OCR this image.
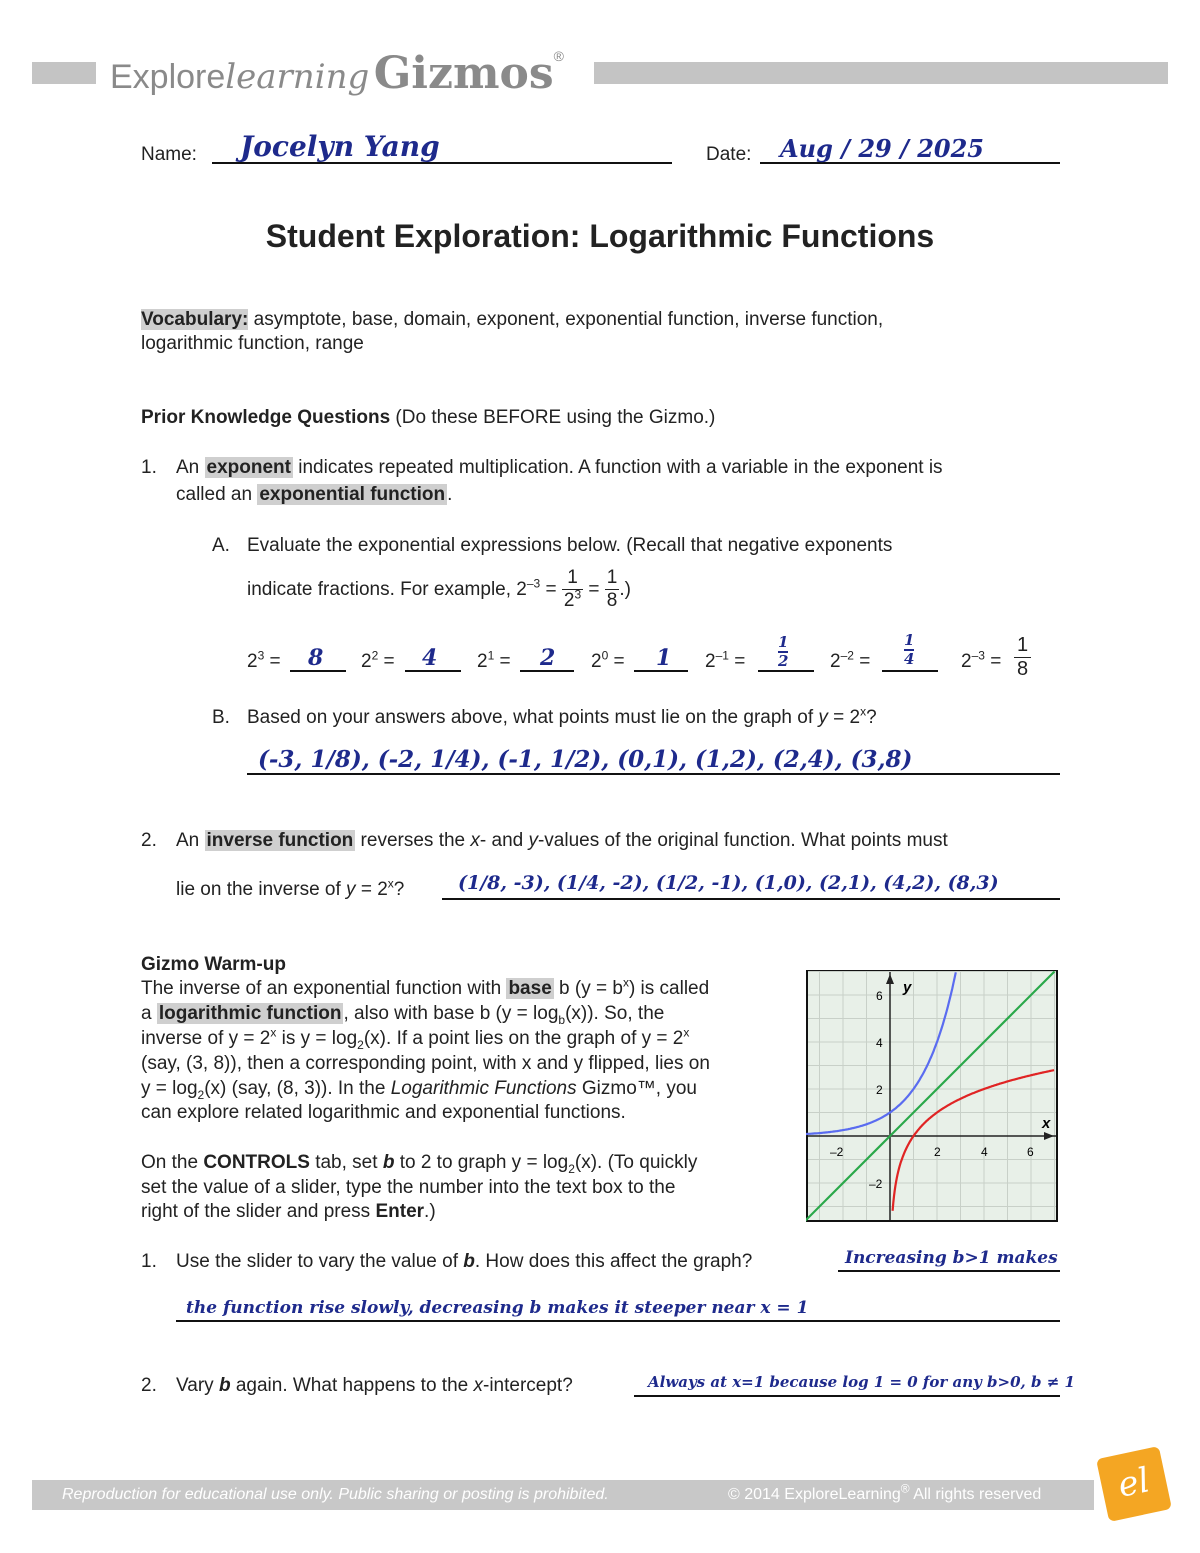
Explorelearning Gizmos®
Name: Jocelyn Yang	Date: Aug / 29 / 2025
Student Exploration: Logarithmic Functions
Vocabulary: asymptote, base, domain, exponent, exponential function, inverse function,
logarithmic function, range
Prior Knowledge Questions (Do these BEFORE using the Gizmo.)
1. An exponent indicates repeated multiplication. A function with a variable in the exponent is
called an exponential function .
A. Evaluate the exponential expressions below. (Recall that negative exponents
indicate fractions. For example, $2^{-3} = \frac{1}{2^3} = \frac{1}{8}$ .)
$2^3 = 8$ $2^2 = 4$ $2^1 = 2$ $2^0 = 1$ $2^{-1} = \frac{1}{2} 2^{-2} = \frac{1}{4} 2^{-3} = \frac{1}{8}$
B. Based on your answers above, what points must lie on the graph of $y = 2^x$?
(-3, 1/8), (-2, 1/4), (-1, 1/2), (0,1), (1,2), (2,4), (3,8)
2. An inverse function reverses the x- and y-values of the original function. What points must
lie on the inverse of $y = 2^x$?	(1/8, -3), (1/4, -2), (1/2, -1), (1,0), (2,1), (4,2), (8,3)
Gizmo Warm-up
The inverse of an exponential function with base b $(y = b^x)$ is called
a logarithmic function , also with base b $(y = \log_b(x))$. So, the
inverse of $y = 2^x$ is $y = \log_2(x)$. If a point lies on the graph of $y = 2^x$
(say, (3, 8)), then a corresponding point, with x and y flipped, lies on
$y = \log_2(x)$ (say, (8, 3)). In the Logarithmic Functions Gizmo™, you
can explore related logarithmic and exponential functions.
On the CONTROLS tab, set b to 2 to graph $y = \log_2(x)$. (To quickly
set the value of a slider, type the number into the text box to the
right of the slider and press Enter.)
y
x
–2	2	4	6
6
4
2
–2
1. Use the slider to vary the value of b. How does this affect the graph?	Increasing b>1 makes
the function rise slowly, decreasing b makes it steeper near x = 1
2. Vary b again. What happens to the x-intercept?	Always at x=1 because log 1 = 0 for any b>0, b ≠ 1
Reproduction for educational use only. Public sharing or posting is prohibited.	© 2014 ExploreLearning® All rights reserved	el
